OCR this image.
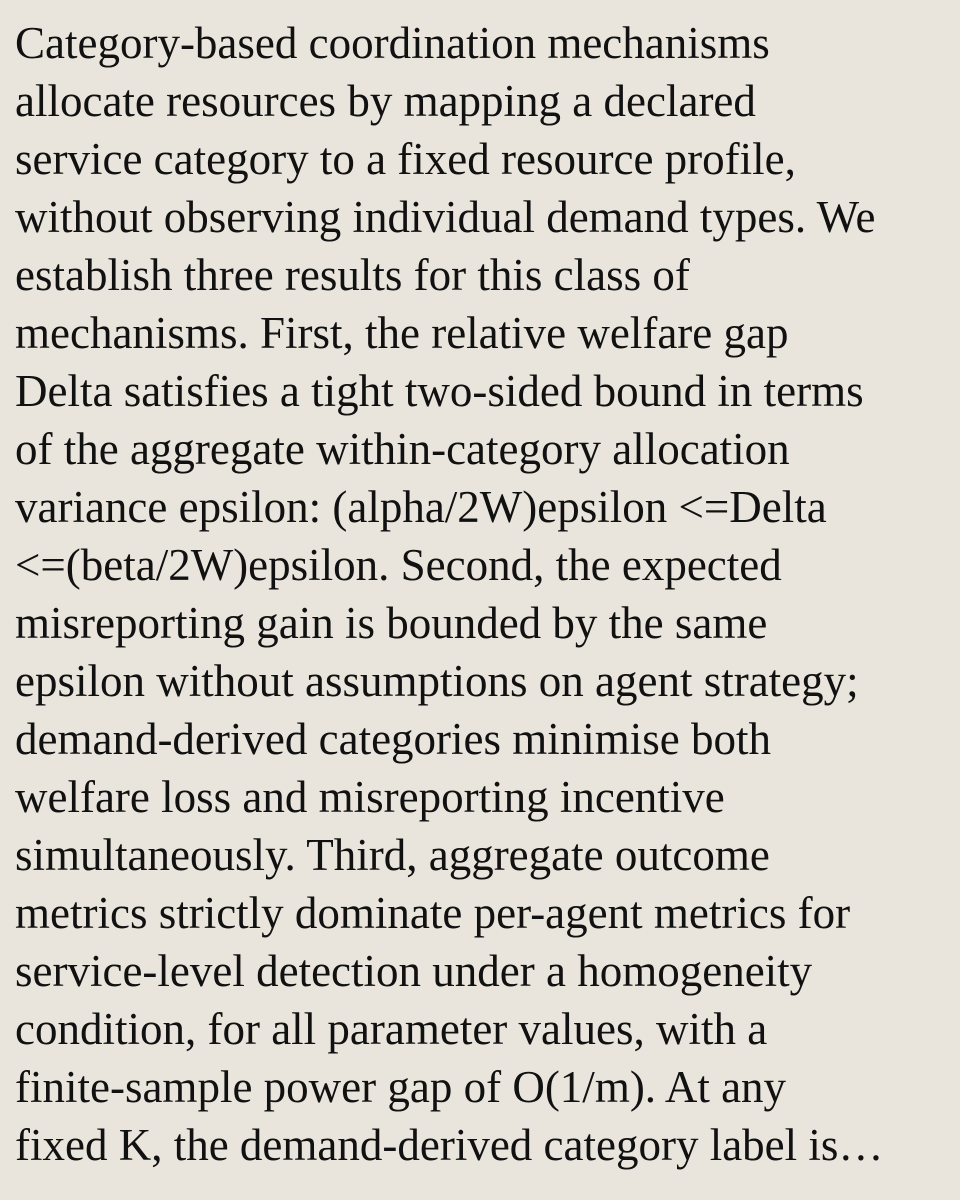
Category-based coordination mechanisms
allocate resources by mapping a declared
service category to a fixed resource profile,
without observing individual demand types. We
establish three results for this class of
mechanisms. First, the relative welfare gap
Delta satisfies a tight two-sided bound in terms
of the aggregate within-category allocation
variance epsilon: (alpha/2W)epsilon <=Delta
<=(beta/2W)epsilon. Second, the expected
misreporting gain is bounded by the same
epsilon without assumptions on agent strategy;
demand-derived categories minimise both
welfare loss and misreporting incentive
simultaneously. Third, aggregate outcome
metrics strictly dominate per-agent metrics for
service-level detection under a homogeneity
condition, for all parameter values, with a
finite-sample power gap of O(1/m). At any
fixed K, the demand-derived category label is…
